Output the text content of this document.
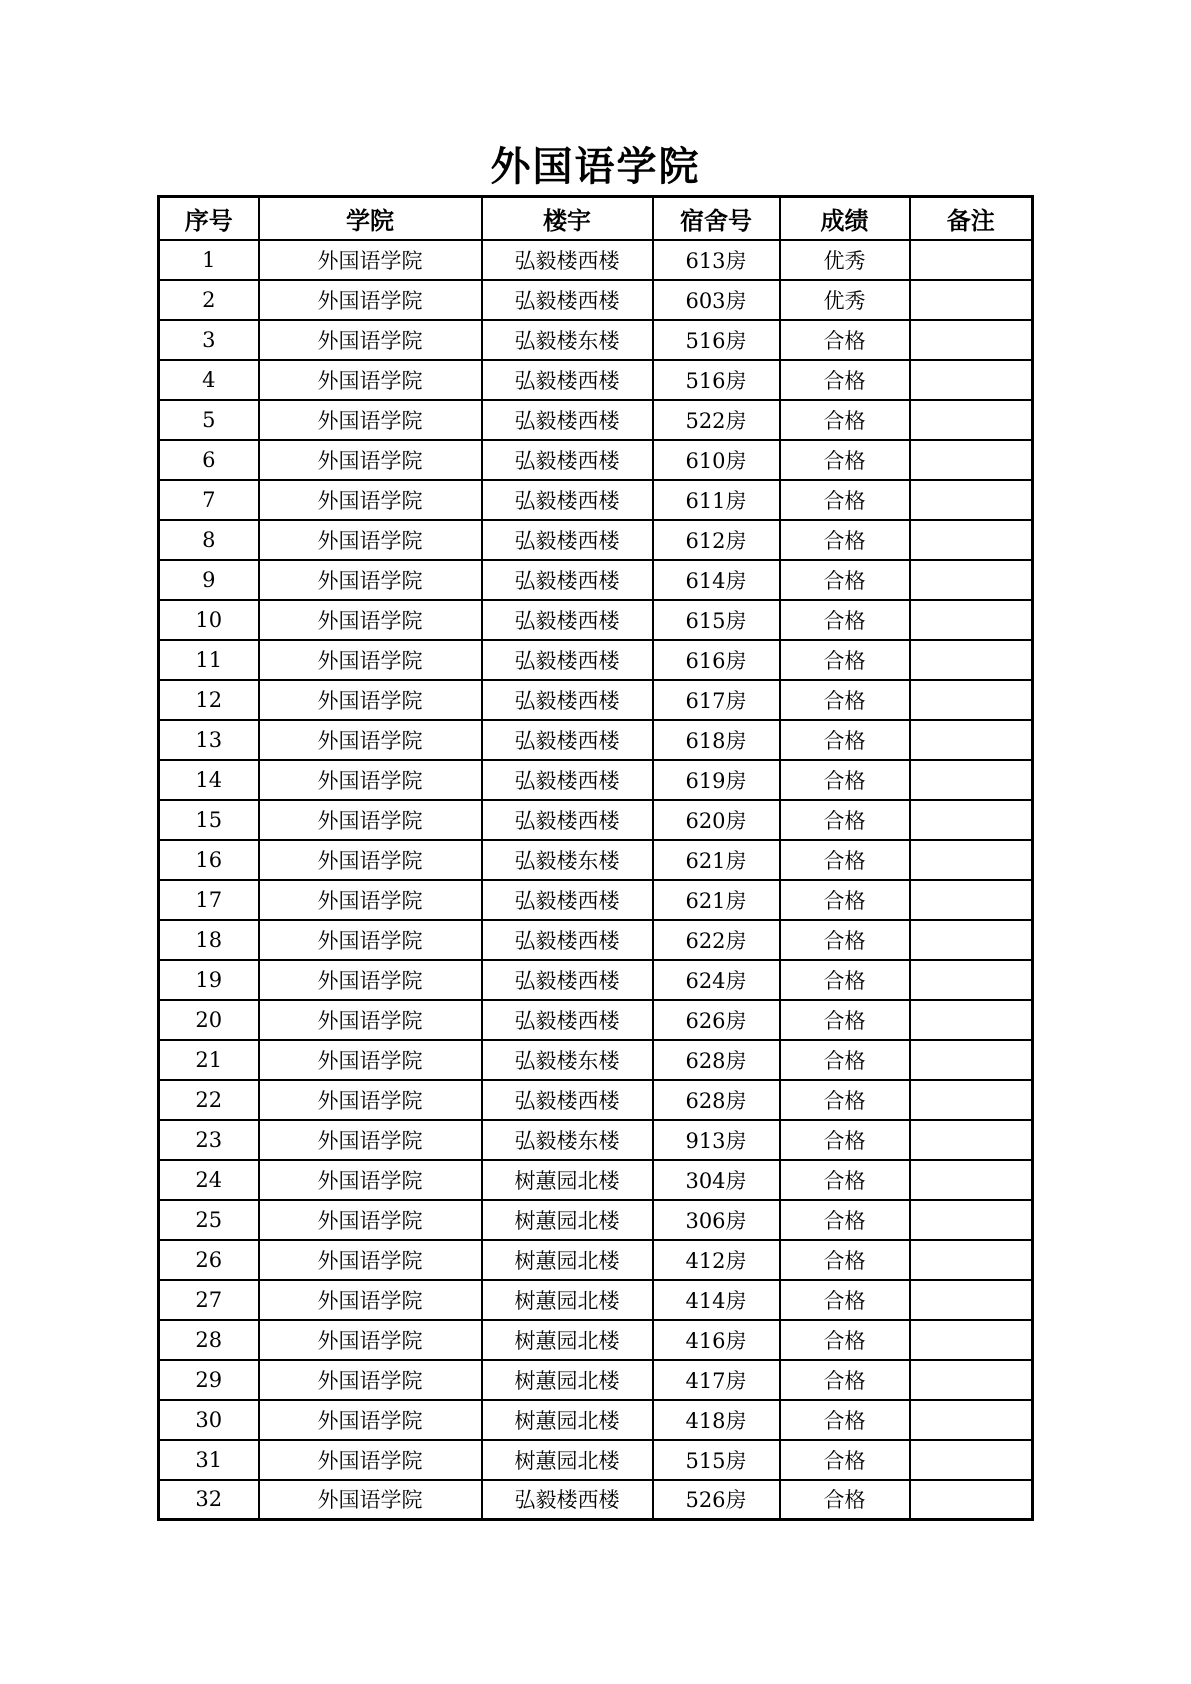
外国语学院
序号	学院	楼宇	宿舍号	成绩	备注
1	外国语学院	弘毅楼西楼	613房	优秀	
2	外国语学院	弘毅楼西楼	603房	优秀	
3	外国语学院	弘毅楼东楼	516房	合格	
4	外国语学院	弘毅楼西楼	516房	合格	
5	外国语学院	弘毅楼西楼	522房	合格	
6	外国语学院	弘毅楼西楼	610房	合格	
7	外国语学院	弘毅楼西楼	611房	合格	
8	外国语学院	弘毅楼西楼	612房	合格	
9	外国语学院	弘毅楼西楼	614房	合格	
10	外国语学院	弘毅楼西楼	615房	合格	
11	外国语学院	弘毅楼西楼	616房	合格	
12	外国语学院	弘毅楼西楼	617房	合格	
13	外国语学院	弘毅楼西楼	618房	合格	
14	外国语学院	弘毅楼西楼	619房	合格	
15	外国语学院	弘毅楼西楼	620房	合格	
16	外国语学院	弘毅楼东楼	621房	合格	
17	外国语学院	弘毅楼西楼	621房	合格	
18	外国语学院	弘毅楼西楼	622房	合格	
19	外国语学院	弘毅楼西楼	624房	合格	
20	外国语学院	弘毅楼西楼	626房	合格	
21	外国语学院	弘毅楼东楼	628房	合格	
22	外国语学院	弘毅楼西楼	628房	合格	
23	外国语学院	弘毅楼东楼	913房	合格	
24	外国语学院	树蕙园北楼	304房	合格	
25	外国语学院	树蕙园北楼	306房	合格	
26	外国语学院	树蕙园北楼	412房	合格	
27	外国语学院	树蕙园北楼	414房	合格	
28	外国语学院	树蕙园北楼	416房	合格	
29	外国语学院	树蕙园北楼	417房	合格	
30	外国语学院	树蕙园北楼	418房	合格	
31	外国语学院	树蕙园北楼	515房	合格	
32	外国语学院	弘毅楼西楼	526房	合格	
